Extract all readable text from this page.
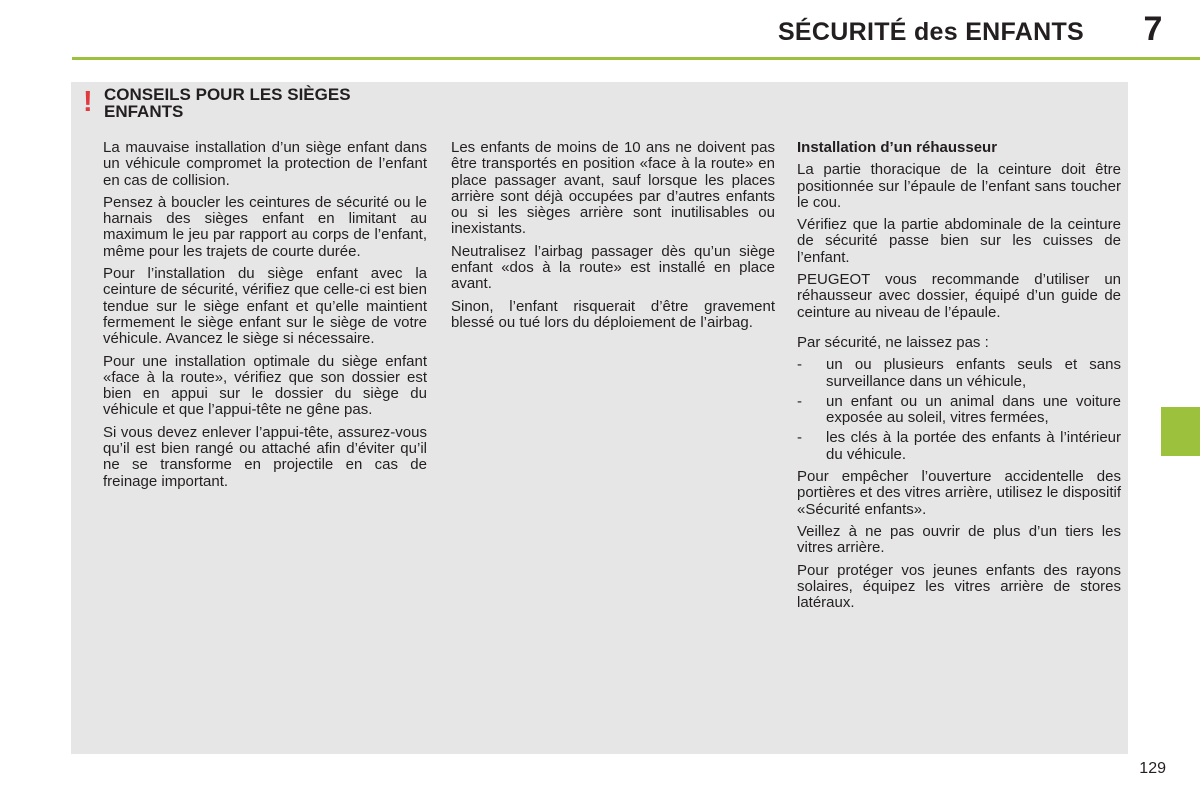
SÉCURITÉ des ENFANTS 7
! CONSEILS POUR LES SIÈGES ENFANTS

La mauvaise installation d’un siège enfant dans un véhicule compromet la protection de l’enfant en cas de collision.

Pensez à boucler les ceintures de sécurité ou le harnais des sièges enfant en limitant au maximum le jeu par rapport au corps de l’enfant, même pour les trajets de courte durée.

Pour l’installation du siège enfant avec la ceinture de sécurité, vérifiez que celle-ci est bien tendue sur le siège enfant et qu’elle maintient fermement le siège enfant sur le siège de votre véhicule. Avancez le siège si nécessaire.

Pour une installation optimale du siège enfant «face à la route», vérifiez que son dossier est bien en appui sur le dossier du siège du véhicule et que l’appui-tête ne gêne pas.

Si vous devez enlever l’appui-tête, assurez-vous qu’il est bien rangé ou attaché afin d’éviter qu’il ne se transforme en projectile en cas de freinage important.

Les enfants de moins de 10 ans ne doivent pas être transportés en position «face à la route» en place passager avant, sauf lorsque les places arrière sont déjà occupées par d’autres enfants ou si les sièges arrière sont inutilisables ou inexistants.

Neutralisez l’airbag passager dès qu’un siège enfant «dos à la route» est installé en place avant.

Sinon, l’enfant risquerait d’être gravement blessé ou tué lors du déploiement de l’airbag.

Installation d’un réhausseur

La partie thoracique de la ceinture doit être positionnée sur l’épaule de l’enfant sans toucher le cou.

Vérifiez que la partie abdominale de la ceinture de sécurité passe bien sur les cuisses de l’enfant.

PEUGEOT vous recommande d’utiliser un réhausseur avec dossier, équipé d’un guide de ceinture au niveau de l’épaule.

Par sécurité, ne laissez pas :

- un ou plusieurs enfants seuls et sans surveillance dans un véhicule,
- un enfant ou un animal dans une voiture exposée au soleil, vitres fermées,
- les clés à la portée des enfants à l’intérieur du véhicule.

Pour empêcher l’ouverture accidentelle des portières et des vitres arrière, utilisez le dispositif «Sécurité enfants».

Veillez à ne pas ouvrir de plus d’un tiers les vitres arrière.

Pour protéger vos jeunes enfants des rayons solaires, équipez les vitres arrière de stores latéraux.

129
